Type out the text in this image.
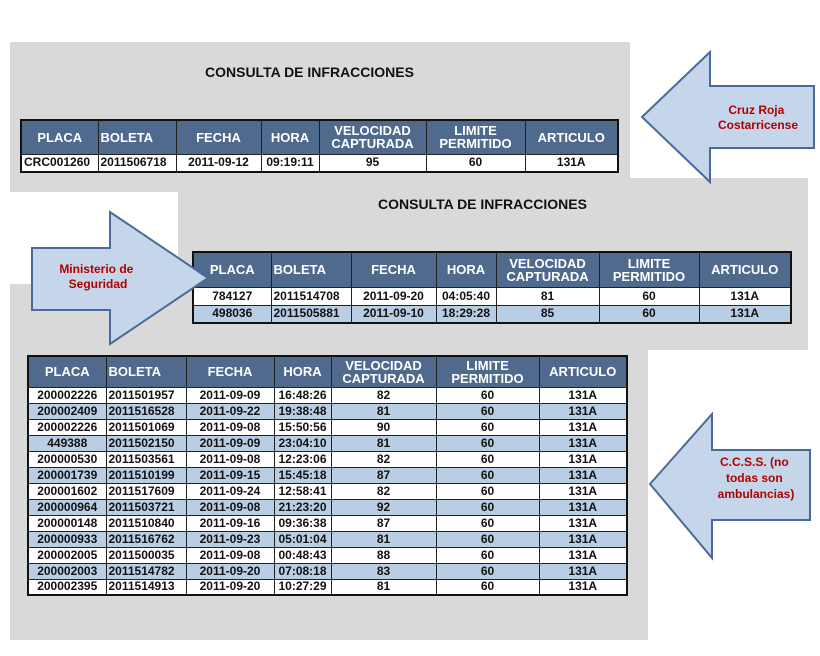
CONSULTA DE INFRACCIONES
PLACA	BOLETA	FECHA	HORA	VELOCIDAD CAPTURADA	LIMITE PERMITIDO	ARTICULO
CRC001260	2011506718	2011-09-12	09:19:11	95	60	131A
CONSULTA DE INFRACCIONES
PLACA	BOLETA	FECHA	HORA	VELOCIDAD CAPTURADA	LIMITE PERMITIDO	ARTICULO
784127	2011514708	2011-09-20	04:05:40	81	60	131A
498036	2011505881	2011-09-10	18:29:28	85	60	131A
PLACA	BOLETA	FECHA	HORA	VELOCIDAD CAPTURADA	LIMITE PERMITIDO	ARTICULO
200002226	2011501957	2011-09-09	16:48:26	82	60	131A
200002409	2011516528	2011-09-22	19:38:48	81	60	131A
200002226	2011501069	2011-09-08	15:50:56	90	60	131A
449388	2011502150	2011-09-09	23:04:10	81	60	131A
200000530	2011503561	2011-09-08	12:23:06	82	60	131A
200001739	2011510199	2011-09-15	15:45:18	87	60	131A
200001602	2011517609	2011-09-24	12:58:41	82	60	131A
200000964	2011503721	2011-09-08	21:23:20	92	60	131A
200000148	2011510840	2011-09-16	09:36:38	87	60	131A
200000933	2011516762	2011-09-23	05:01:04	81	60	131A
200002005	2011500035	2011-09-08	00:48:43	88	60	131A
200002003	2011514782	2011-09-20	07:08:18	83	60	131A
200002395	2011514913	2011-09-20	10:27:29	81	60	131A
Cruz Roja Costarricense
Ministerio de Seguridad
C.C.S.S. (no todas son ambulancias)
